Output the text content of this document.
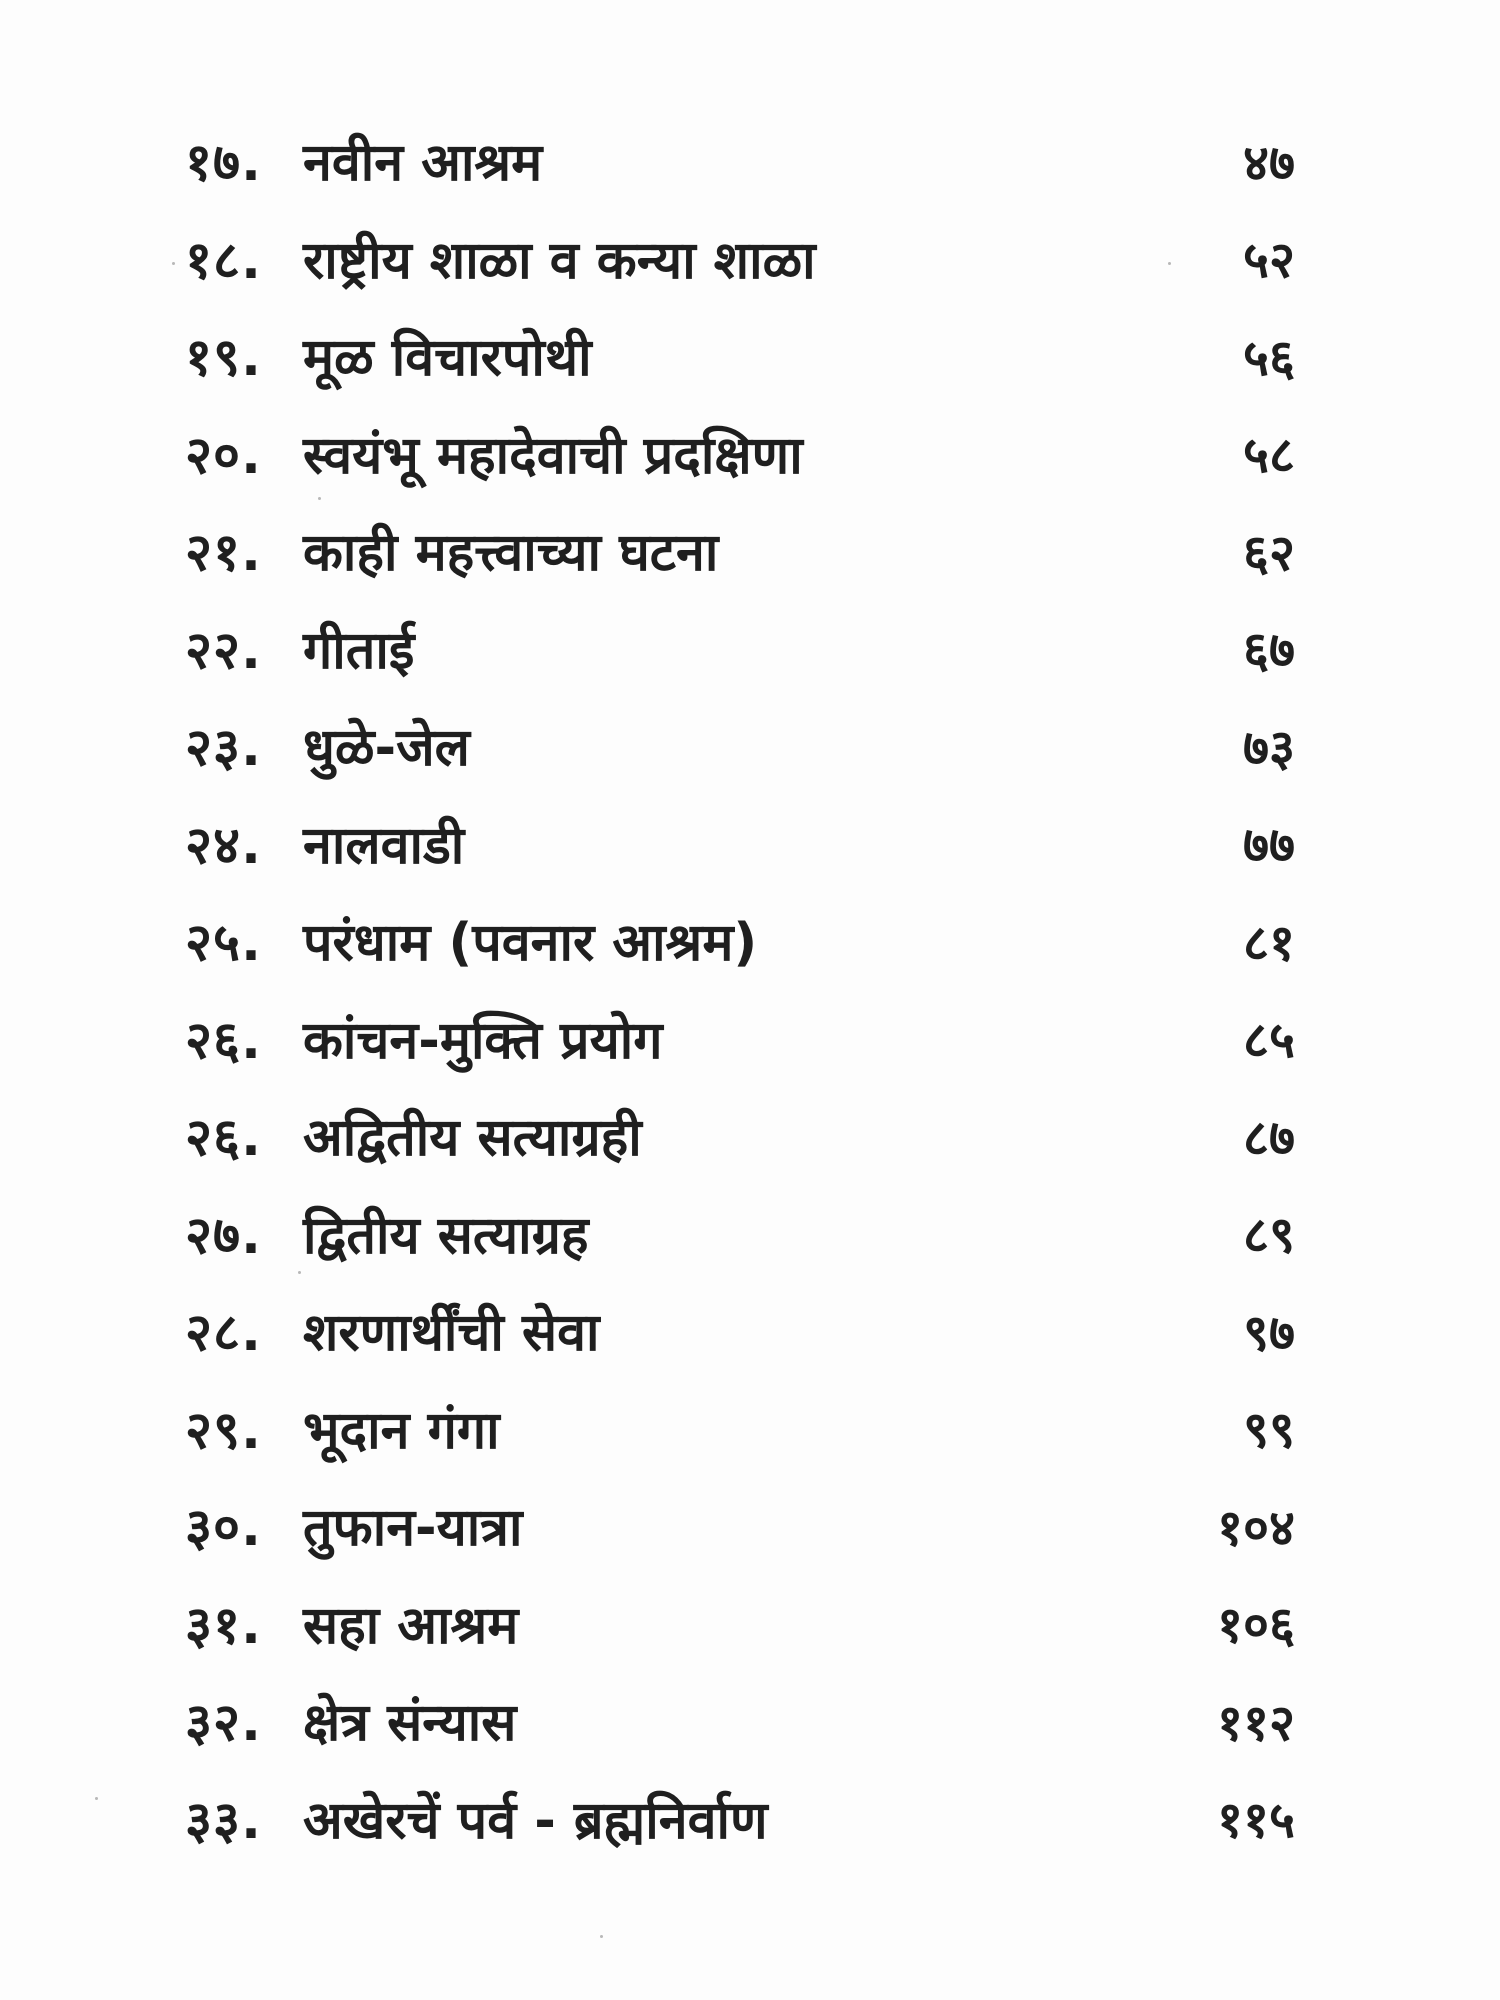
१७. नवीन आश्रम	४७
१८. राष्ट्रीय शाळा व कन्या शाळा	५२
१९. मूळ विचारपोथी	५६
२०. स्वयंभू महादेवाची प्रदक्षिणा	५८
२१. काही महत्त्वाच्या घटना	६२
२२. गीताई	६७
२३. धुळे-जेल	७३
२४. नालवाडी	७७
२५. परंधाम (पवनार आश्रम)	८१
२६. कांचन-मुक्ति प्रयोग	८५
२६. अद्वितीय सत्याग्रही	८७
२७. द्वितीय सत्याग्रह	८९
२८. शरणार्थींची सेवा	९७
२९. भूदान गंगा	९९
३०. तुफान-यात्रा	१०४
३१. सहा आश्रम	१०६
३२. क्षेत्र संन्यास	११२
३३. अखेरचें पर्व - ब्रह्मनिर्वाण	११५
